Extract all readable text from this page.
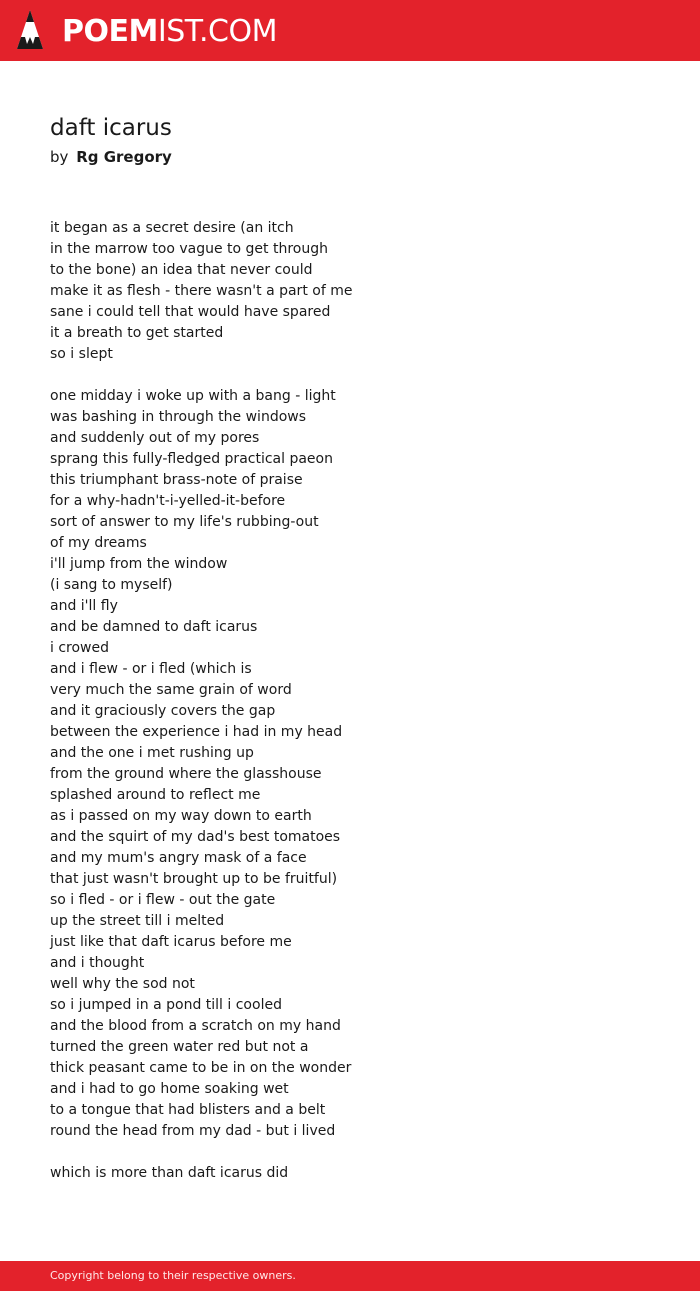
POEM IST.COM
daft icarus
by Rg Gregory
it began as a secret desire (an itch
in the marrow too vague to get through
to the bone) an idea that never could
make it as flesh - there wasn't a part of me
sane i could tell that would have spared
it a breath to get started
so i slept
one midday i woke up with a bang - light
was bashing in through the windows
and suddenly out of my pores
sprang this fully-fledged practical paeon
this triumphant brass-note of praise
for a why-hadn't-i-yelled-it-before
sort of answer to my life's rubbing-out
of my dreams
i'll jump from the window
(i sang to myself)
and i'll fly
and be damned to daft icarus
i crowed
and i flew - or i fled (which is
very much the same grain of word
and it graciously covers the gap
between the experience i had in my head
and the one i met rushing up
from the ground where the glasshouse
splashed around to reflect me
as i passed on my way down to earth
and the squirt of my dad's best tomatoes
and my mum's angry mask of a face
that just wasn't brought up to be fruitful)
so i fled - or i flew - out the gate
up the street till i melted
just like that daft icarus before me
and i thought
well why the sod not
so i jumped in a pond till i cooled
and the blood from a scratch on my hand
turned the green water red but not a
thick peasant came to be in on the wonder
and i had to go home soaking wet
to a tongue that had blisters and a belt
round the head from my dad - but i lived
which is more than daft icarus did
Copyright belong to their respective owners.
